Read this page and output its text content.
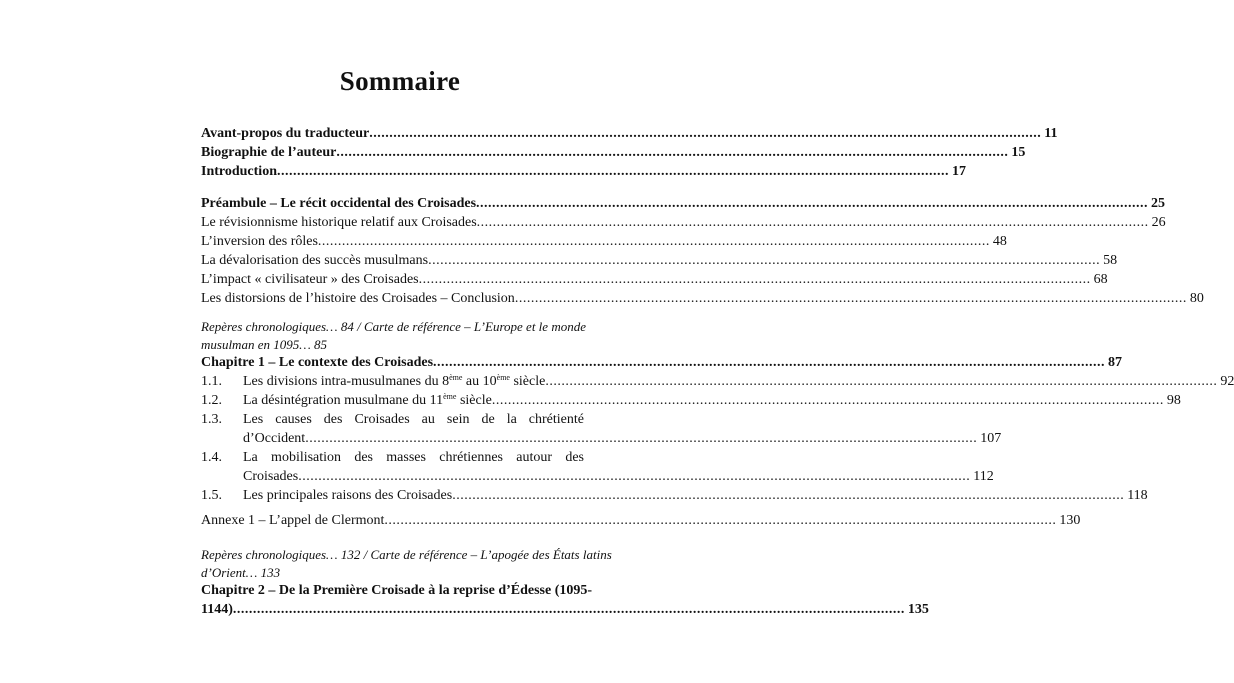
Sommaire
Avant-propos du traducteur ........................................................................................................................................................................ 11
Biographie de l’auteur ........................................................................................................................................................................ 15
Introduction ........................................................................................................................................................................ 17
Préambule – Le récit occidental des Croisades ........................................................................................................................................................................ 25
Le révisionnisme historique relatif aux Croisades ........................................................................................................................................................................ 26
L’inversion des rôles ........................................................................................................................................................................ 48
La dévalorisation des succès musulmans ........................................................................................................................................................................ 58
L’impact « civilisateur » des Croisades ........................................................................................................................................................................ 68
Les distorsions de l’histoire des Croisades – Conclusion ........................................................................................................................................................................ 80
Repères chronologiques… 84 / Carte de référence – L’Europe et le monde
musulman en 1095… 85
Chapitre 1 – Le contexte des Croisades ........................................................................................................................................................................ 87
1.1.	Les divisions intra-musulmanes du 8ème au 10ème siècle ........................................................................................................................................................................ 92
1.2.	La désintégration musulmane du 11ème siècle ........................................................................................................................................................................ 98
1.3.	Les causes des Croisades au sein de la chrétienté
d’Occident ........................................................................................................................................................................ 107
1.4.	La mobilisation des masses chrétiennes autour des
Croisades ........................................................................................................................................................................ 112
1.5.	Les principales raisons des Croisades ........................................................................................................................................................................ 118
Annexe 1 – L’appel de Clermont ........................................................................................................................................................................ 130
Repères chronologiques… 132 / Carte de référence – L’apogée des États latins
d’Orient… 133
Chapitre 2 – De la Première Croisade à la reprise d’Édesse (1095-
1144) ........................................................................................................................................................................ 135
